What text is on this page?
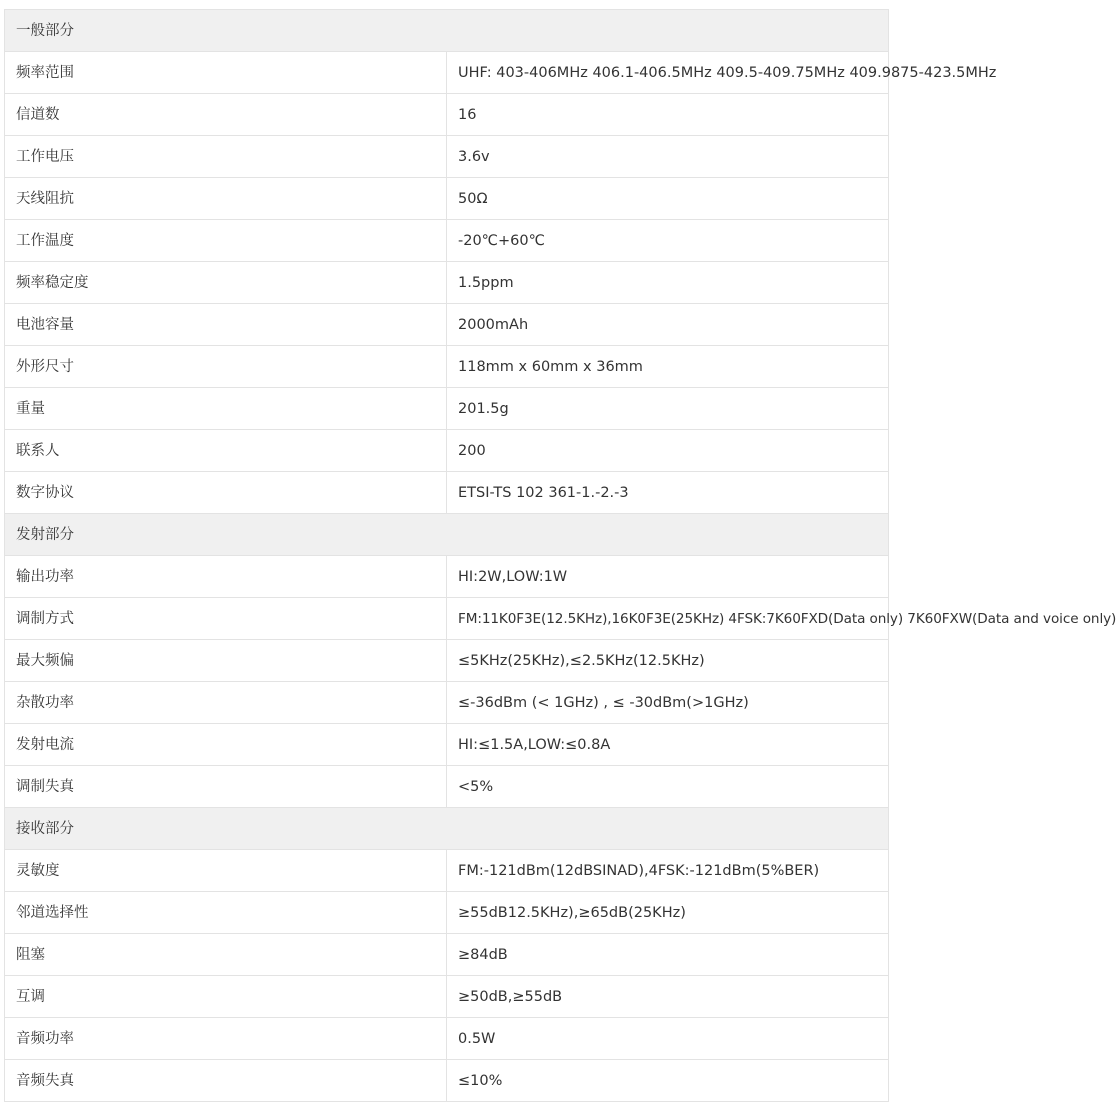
一般部分	
频率范围	UHF: 403-406MHz 406.1-406.5MHz 409.5-409.75MHz 409.9875-423.5MHz
信道数	16
工作电压	3.6v
天线阻抗	50Ω
工作温度	-20℃+60℃
频率稳定度	1.5ppm
电池容量	2000mAh
外形尺寸	118mm x 60mm x 36mm
重量	201.5g
联系人	200
数字协议	ETSI-TS 102 361-1.-2.-3
发射部分	
输出功率	HI:2W,LOW:1W
调制方式	FM:11K0F3E(12.5KHz),16K0F3E(25KHz) 4FSK:7K60FXD(Data only) 7K60FXW(Data and voice only)
最大频偏	≤5KHz(25KHz),≤2.5KHz(12.5KHz)
杂散功率	≤-36dBm (< 1GHz) , ≤ -30dBm(>1GHz)
发射电流	HI:≤1.5A,LOW:≤0.8A
调制失真	<5%
接收部分	
灵敏度	FM:-121dBm(12dBSINAD),4FSK:-121dBm(5%BER)
邻道选择性	≥55dB12.5KHz),≥65dB(25KHz)
阻塞	≥84dB
互调	≥50dB,≥55dB
音频功率	0.5W
音频失真	≤10%
